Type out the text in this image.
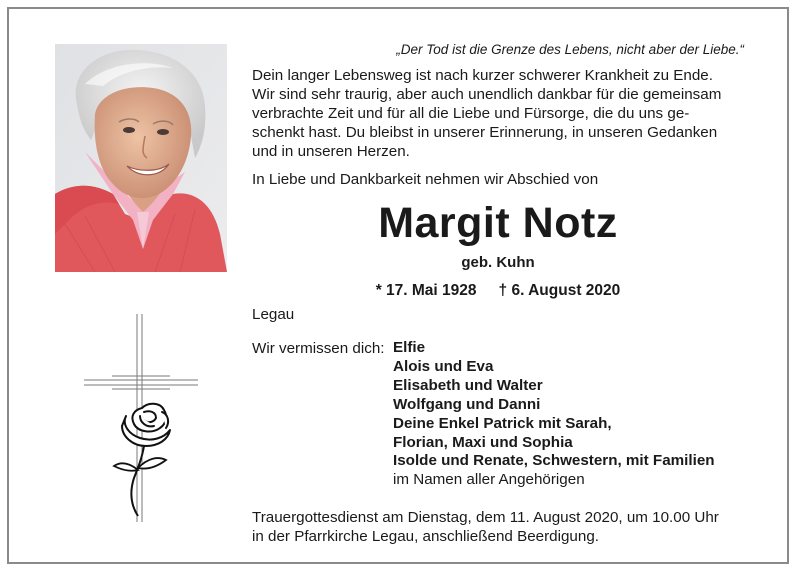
„Der Tod ist die Grenze des Lebens, nicht aber der Liebe.“
Dein langer Lebensweg ist nach kurzer schwerer Krankheit zu Ende.
Wir sind sehr traurig, aber auch unendlich dankbar für die gemeinsam
verbrachte Zeit und für all die Liebe und Fürsorge, die du uns ge-
schenkt hast. Du bleibst in unserer Erinnerung, in unseren Gedanken
und in unseren Herzen.
In Liebe und Dankbarkeit nehmen wir Abschied von
Margit Notz
geb. Kuhn
* 17. Mai 1928 † 6. August 2020
Legau
Wir vermissen dich: Elfie
Alois und Eva
Elisabeth und Walter
Wolfgang und Danni
Deine Enkel Patrick mit Sarah,
Florian, Maxi und Sophia
Isolde und Renate, Schwestern, mit Familien
im Namen aller Angehörigen
Trauergottesdienst am Dienstag, dem 11. August 2020, um 10.00 Uhr
in der Pfarrkirche Legau, anschließend Beerdigung.
